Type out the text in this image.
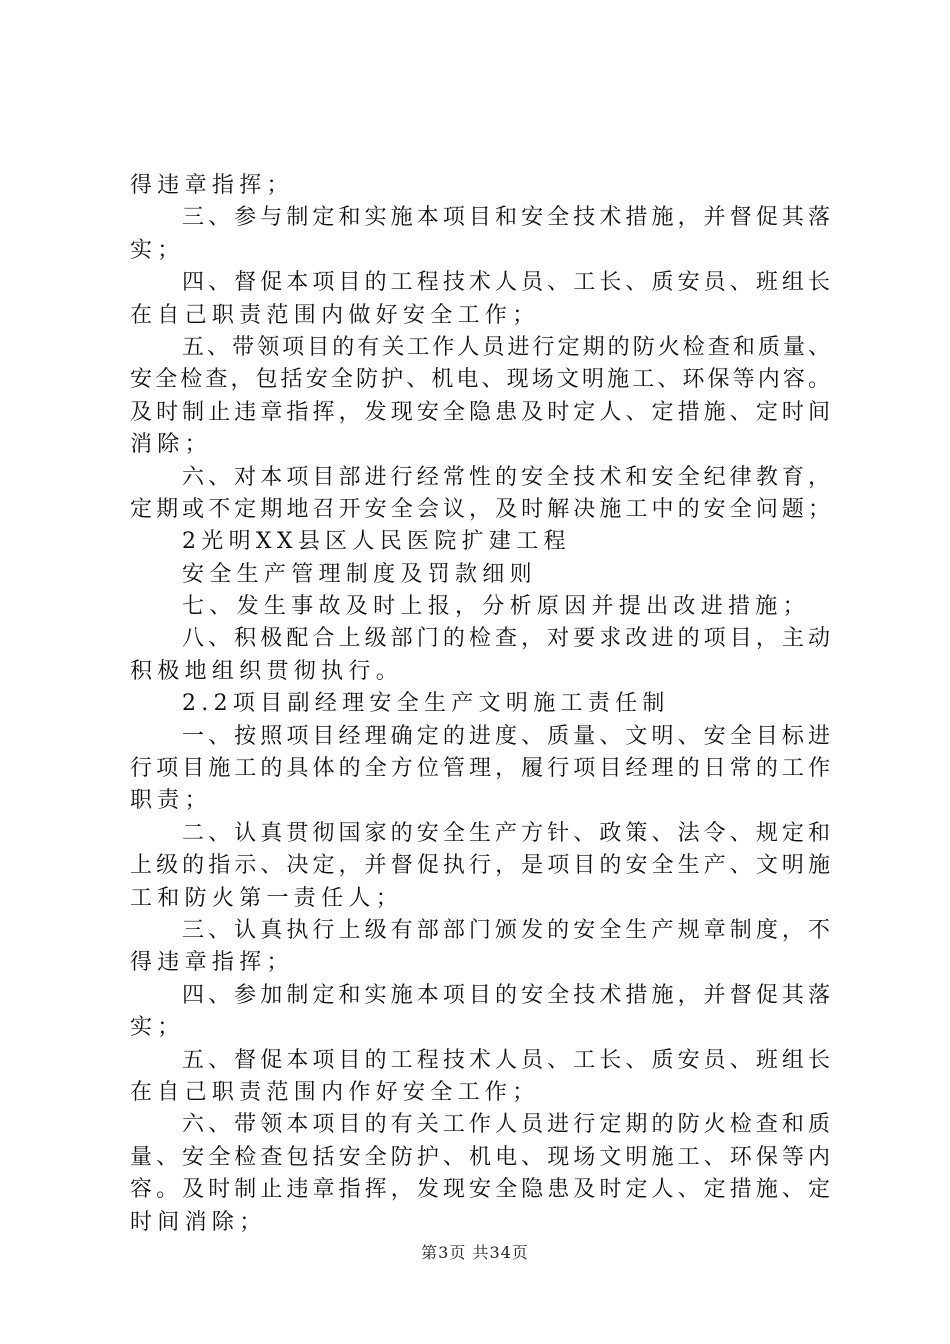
得违章指挥；
三、参与制定和实施本项目和安全技术措施，并督促其落
实；
四、督促本项目的工程技术人员、工长、质安员、班组长
在自己职责范围内做好安全工作；
五、带领项目的有关工作人员进行定期的防火检查和质量、
安全检查，包括安全防护、机电、现场文明施工、环保等内容。
及时制止违章指挥，发现安全隐患及时定人、定措施、定时间
消除；
六、对本项目部进行经常性的安全技术和安全纪律教育，
定期或不定期地召开安全会议，及时解决施工中的安全问题；
2光明XX县区人民医院扩建工程
安全生产管理制度及罚款细则
七、发生事故及时上报，分析原因并提出改进措施；
八、积极配合上级部门的检查，对要求改进的项目，主动
积极地组织贯彻执行。
2.2项目副经理安全生产文明施工责任制
一、按照项目经理确定的进度、质量、文明、安全目标进
行项目施工的具体的全方位管理，履行项目经理的日常的工作
职责；
二、认真贯彻国家的安全生产方针、政策、法令、规定和
上级的指示、决定，并督促执行，是项目的安全生产、文明施
工和防火第一责任人；
三、认真执行上级有部部门颁发的安全生产规章制度，不
得违章指挥；
四、参加制定和实施本项目的安全技术措施，并督促其落
实；
五、督促本项目的工程技术人员、工长、质安员、班组长
在自己职责范围内作好安全工作；
六、带领本项目的有关工作人员进行定期的防火检查和质
量、安全检查包括安全防护、机电、现场文明施工、环保等内
容。及时制止违章指挥，发现安全隐患及时定人、定措施、定
时间消除；
第3页 共34页
